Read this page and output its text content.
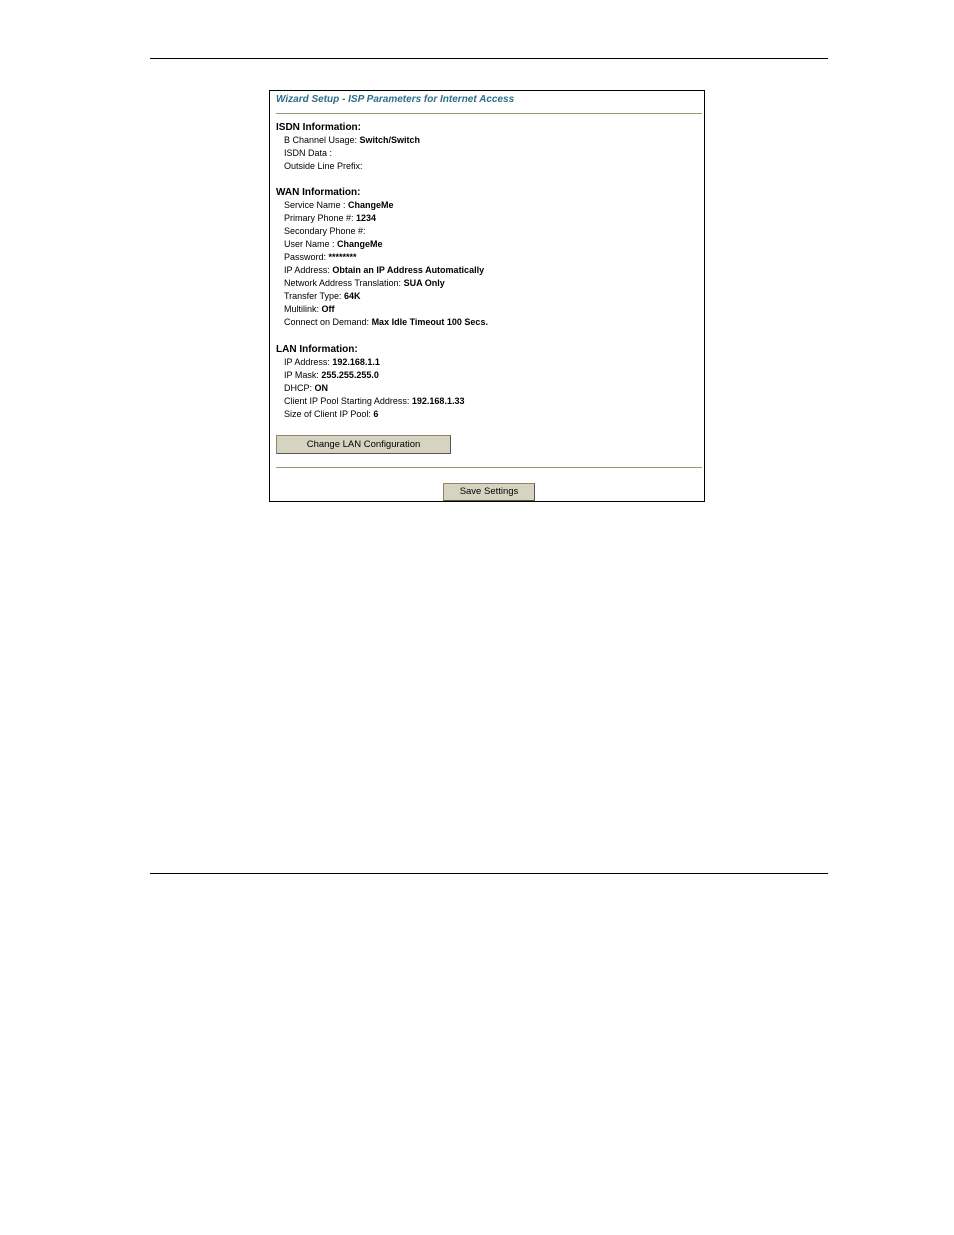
Wizard Setup - ISP Parameters for Internet Access
ISDN Information:
B Channel Usage: Switch/Switch
ISDN Data :
Outside Line Prefix:
WAN Information:
Service Name : ChangeMe
Primary Phone #: 1234
Secondary Phone #:
User Name : ChangeMe
Password: ********
IP Address: Obtain an IP Address Automatically
Network Address Translation: SUA Only
Transfer Type: 64K
Multilink: Off
Connect on Demand: Max Idle Timeout 100 Secs.
LAN Information:
IP Address: 192.168.1.1
IP Mask: 255.255.255.0
DHCP: ON
Client IP Pool Starting Address: 192.168.1.33
Size of Client IP Pool: 6
Change LAN Configuration
Save Settings
